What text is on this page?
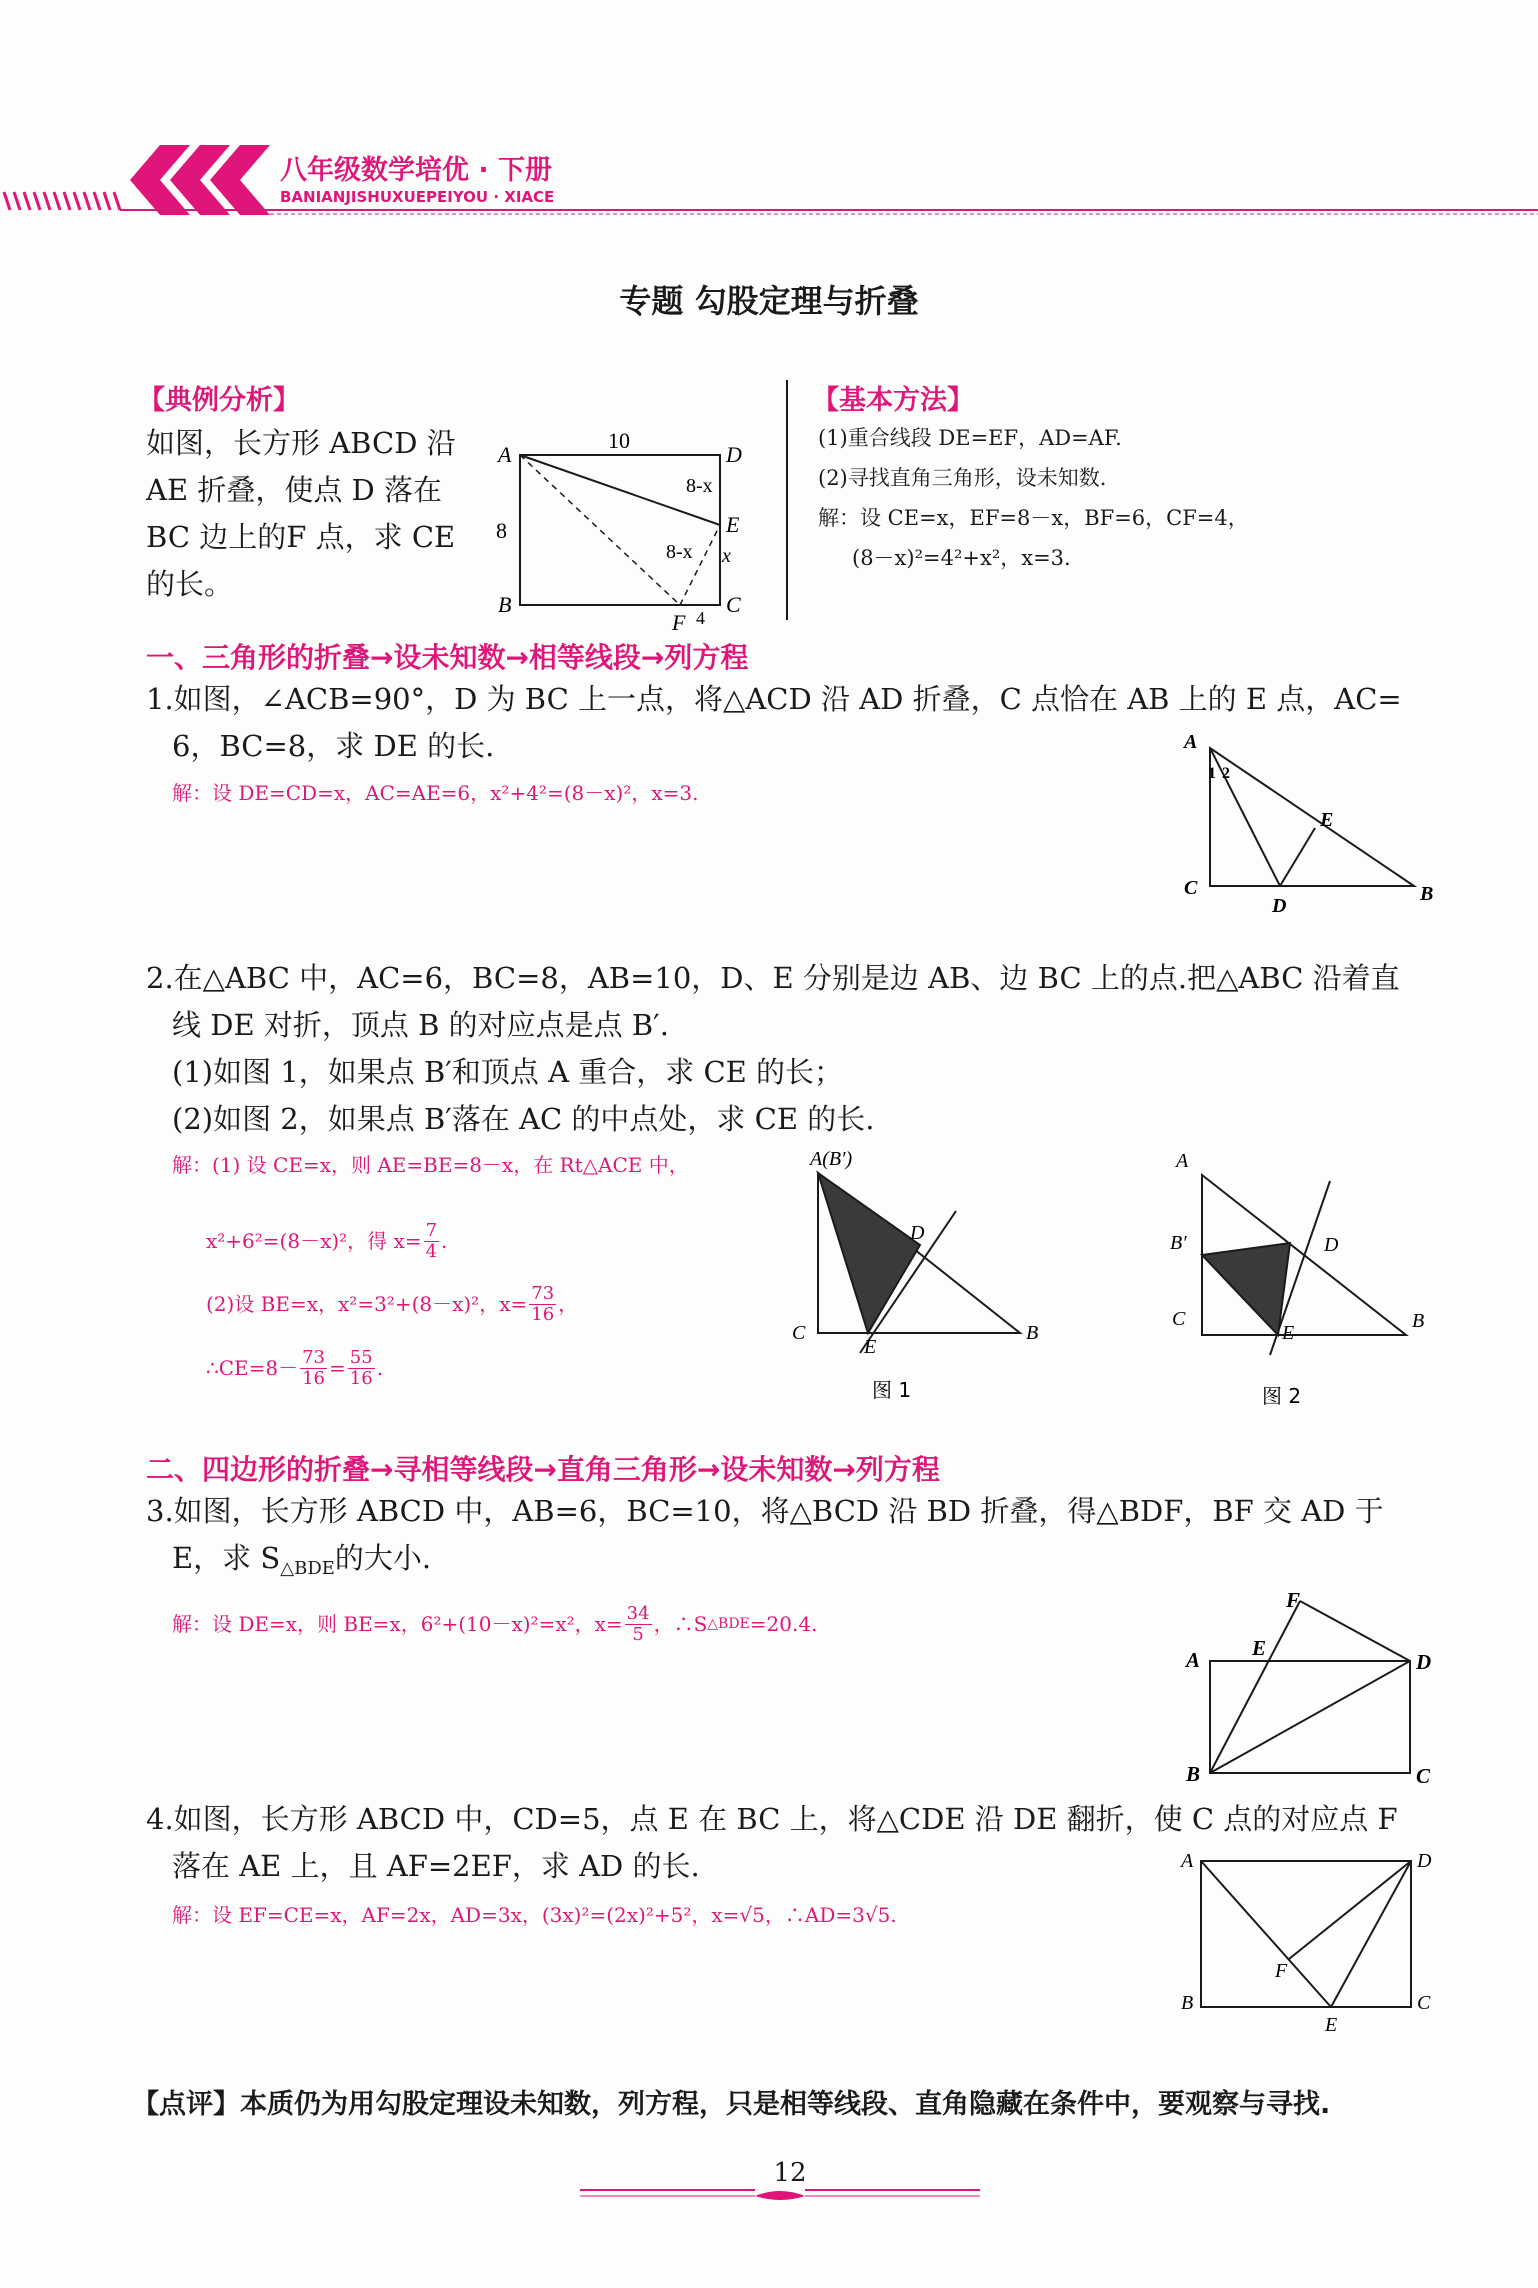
八年级数学培优 · 下册
BANIANJISHUXUEPEIYOU · XIACE
专题 勾股定理与折叠
【典例分析】
如图，长方形 ABCD 沿
AE 折叠，使点 D 落在
BC 边上的F 点，求 CE
的长。
A	D
B	C
E
F
10
8
8-x
8-x x
4
【基本方法】
(1)重合线段 DE=EF，AD=AF.
(2)寻找直角三角形，设未知数.
解：设 CE=x，EF=8－x，BF=6，CF=4，
(8－x)²=4²+x²，x=3.
一、三角形的折叠→设未知数→相等线段→列方程
1.如图，∠ACB=90°，D 为 BC 上一点，将△ACD 沿 AD 折叠，C 点恰在 AB 上的 E 点，AC=
6，BC=8，求 DE 的长.
解：设 DE=CD=x，AC=AE=6，x²+4²=(8－x)²，x=3.
A
C
D
B
E
1 2
2.在△ABC 中，AC=6，BC=8，AB=10，D、E 分别是边 AB、边 BC 上的点.把△ABC 沿着直
线 DE 对折，顶点 B 的对应点是点 B′.
(1)如图 1，如果点 B′和顶点 A 重合，求 CE 的长；
(2)如图 2，如果点 B′落在 AC 的中点处，求 CE 的长.
解：(1) 设 CE=x，则 AE=BE=8－x，在 Rt△ACE 中，
x²+6²=(8－x)²，得 $x= \frac{7}{4}$ .
(2)设 BE=x，x²=3²+(8－x)²，$x= \frac{73}{16}$ ，
∴CE=8－ $\frac{73}{16} = \frac{55}{16}$ .
A(B′)
D
C
E
B
图 1
A
B′	D
C
E
B
图 2
二、四边形的折叠→寻相等线段→直角三角形→设未知数→列方程
3.如图，长方形 ABCD 中，AB=6，BC=10，将△BCD 沿 BD 折叠，得△BDF，BF 交 AD 于
E，求 $S_{\triangle BDE}$的大小.
解：设 DE=x，则 BE=x，6²+(10－x)²=x²，$x= \frac{34}{5}$ ，∴S △BDE =20.4.
F
E
A	D
B	C
4.如图，长方形 ABCD 中，CD=5，点 E 在 BC 上，将△CDE 沿 DE 翻折，使 C 点的对应点 F
落在 AE 上，且 AF=2EF，求 AD 的长.
解：设 EF=CE=x，AF=2x，AD=3x，(3x)²=(2x)²+5²，x=√5，∴AD=3√5.
A	D
F
B
E
C
【点评】本质仍为用勾股定理设未知数，列方程，只是相等线段、直角隐藏在条件中，要观察与寻找.
12
